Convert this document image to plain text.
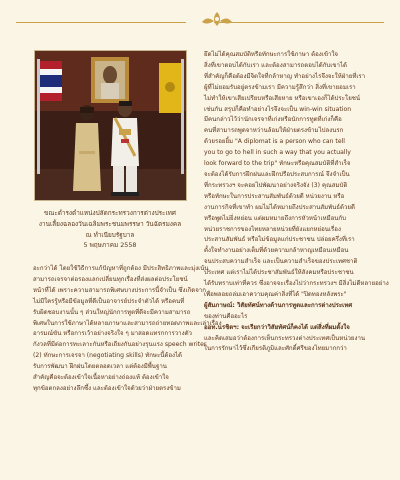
ขณะดำรงตำแหน่งปลัดกระทรวงการต่างประเทศ
งานเลี้ยงฉลองวันเฉลิมพระชนมพรรษา วันฉัตรมงคล
ณ ทำเนียบรัฐบาล
5 พฤษภาคม 2558
อะกว่าได้ โดยใช้วิธีการแก้ปัญหาที่ถูกต้อง มีประสิทธิภาพและมุ่งเน้น
สามารถเจรจาต่อรองแลกเปลี่ยนทุกเรื่องที่ส่งผลต่อประโยชน์
หน้าที่ได้ เพราะความสามารถพิเศษบางประการนี้จำเป็น ซึ่งเกิดจาก
ไม่มีใครรู้หรือมีข้อมูลที่ดีเป็นอาจารย์ประจำตัวได้ หรือคนที่
รับผิดชอบงานนั้น ๆ ส่วนใหญ่นักการทูตที่ดีจะมีความสามารถ
พิเศษในการใช้ภาษาได้หลายภาษาและสามารถถ่ายทอดภาพและเล่าเรื่อง
อารมณ์ขัน หรือการเว้าอย่างจริงใจ ๆ มาสอดแทรกการวางตัว
กังวลที่มีต่อการทะเลาะกันหรือเถียงกันอย่างรุนแรง speech writer
(2) ทักษะการเจรจา (negotiating skills) ทักษะนี้ต้องได้
รับการพัฒนา ฝึกฝนโดยตลอดเวลา แต่ต้องมีพื้นฐาน
สำคัญคือจะต้องเข้าใจเนื้อหาอย่างถ่องแท้ ต้องเข้าใจ
ทุกข้อตกลงอย่างลึกซึ้ง และต้องเข้าใจด้วยว่าฝ่ายตรงข้าม
ยึดไม่ได้คุณสมบัติหรือทักษะการใช้ภาษา ต้องเข้าใจ
สิ่งที่เขาตอบได้กับเรา และต้องสามารถตอบได้กับเขาได้
ที่สำคัญก็คือต้องมีจิตใจที่กล้าหาญ ทำอย่างไรจึงจะให้ฝ่ายที่เรา
ผู้ที่ไม่ยอมรับอยู่ตรงข้ามเรา มีความรู้สึกว่า สิ่งที่เขายอมเรา
ไม่ทำให้เขาเสียเปรียบหรือเสียหาย หรือเขาเองก็ได้ประโยชน์
เช่นกัน สรุปก็คือทำอย่างไรจึงจะเป็น win-win situation
มีคนกล่าวไว้ว่านักเจรจาที่เก่งหรือนักการทูตที่เก่งก็คือ
คนที่สามารถพูดจาหว่านล้อมให้ฝ่ายตรงข้ามไปลงนรก
ด้วยรอยยิ้ม "A diplomat is a person who can tell
you to go to hell in such a way that you actually
look forward to the trip" ทักษะหรือคุณสมบัติที่สำเร็จ
จะต้องได้รับการฝึกฝนและฝึกปรือประสบการณ์ จึงจำเป็น
ที่กระทรวงฯ จะคอยไปพัฒนาอย่างจริงจัง (3) คุณสมบัติ
หรือทักษะในการประสานสัมพันธ์ด้วยดี หน่วยงาน หรือ
งานการกิจที่เขาทำ ผมไม่ได้หมายถึงประสานสัมพันธ์ด้วยดี
หรือพูดไม่ยิ่งหย่อน แต่ผมหมายถึงการหัวหน้าเหมือนกับ
หน่วยราชการของไทยหลายหน่วยที่ยังแยกหย่อนเรื่อง
ประสานสัมพันธ์ หรือไม่ข้อมูลแก่ประชาชน ปล่อยครึ่งที่เรา
ตั้งใจทำงานอย่างเต็มที่ด้วยความกล้าหาญเหมือนเหมือน
จนประสบความสำเร็จ และเป็นความสำเร็จของประเทศชาติ
ประเทศ แต่เราไม่ได้ประชาสัมพันธ์ให้สังคมหรือประชาชน
ได้รับทราบเท่าที่ควร ซึ่งอาจจะเรื่องไปว่ากระทรวงฯ มีสิ่งไม่ดีหลายอย่าง
เพื่อพลอยถล่มเอาความคุณค่าสิ่งที่ได้ "ปิดทองหลังพระ"
ผู้สัมภาษณ์: วิสัยทัศน์ทางด้านการทูตและการต่างประเทศ
ของท่านคืออะไร
ออท.นรชิตฯ: จะเรียกว่าวิสัยทัศน์ก็คงได้ แต่สิ่งที่ผมตั้งใจ
และคิดเสมอว่าต้องการเห็นกระทรวงต่างประเทศเป็นหน่วยงาน
ในการรักษาไว้ซึ่งเกียรติภูมิและศักดิ์ศรีของไทยมากกว่า
